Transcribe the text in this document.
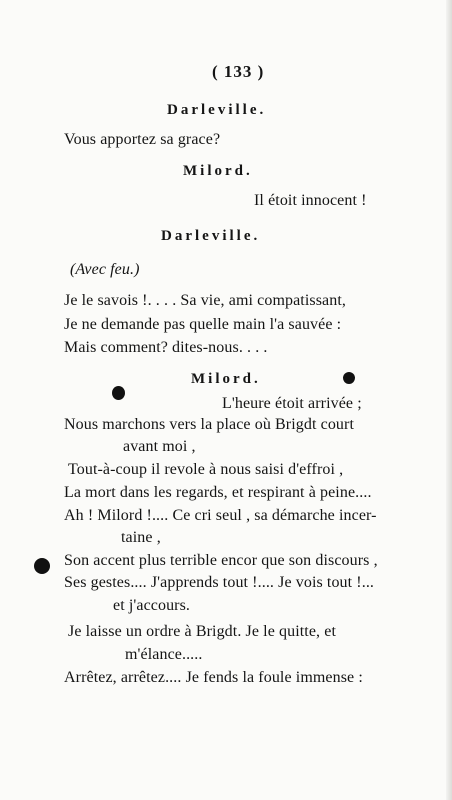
( 133 )
Darleville.
Vous apportez sa grace?
Milord.
Il étoit innocent !
Darleville.
(Avec feu.)
Je le savois !. . . . Sa vie, ami compatissant,
Je ne demande pas quelle main l'a sauvée :
Mais comment? dites-nous. . . .
Milord.
L'heure étoit arrivée ;
Nous marchons vers la place où Brigdt court
avant moi ,
Tout-à-coup il revole à nous saisi d'effroi ,
La mort dans les regards, et respirant à peine....
Ah ! Milord !.... Ce cri seul , sa démarche incer-
taine ,
Son accent plus terrible encor que son discours ,
Ses gestes.... J'apprends tout !.... Je vois tout !...
et j'accours.
Je laisse un ordre à Brigdt. Je le quitte, et
m'élance.....
Arrêtez, arrêtez.... Je fends la foule immense :
